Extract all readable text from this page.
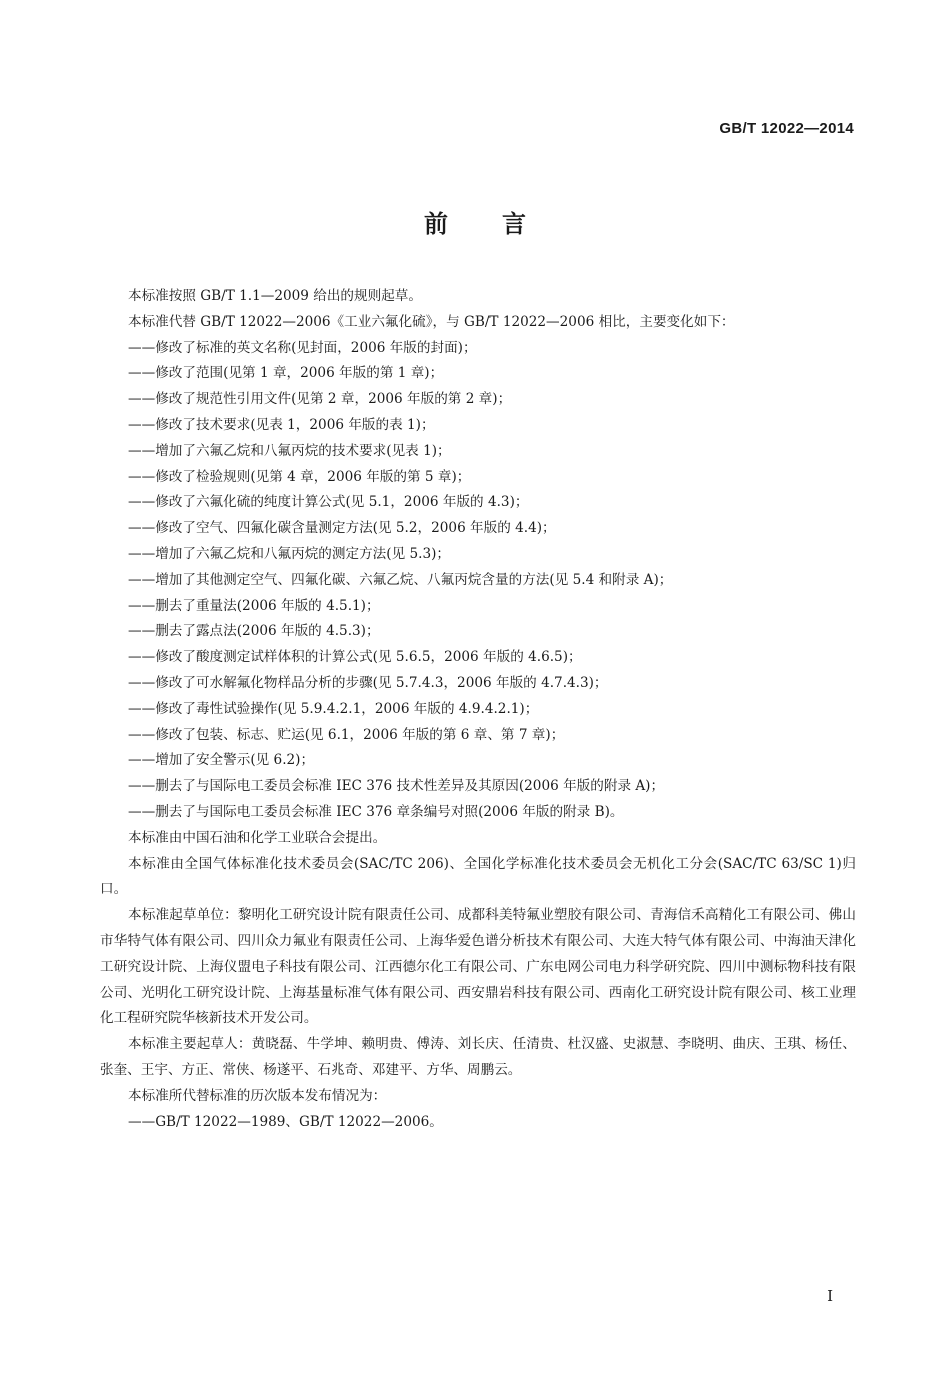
GB/T 12022—2014
前言

本标准按照 GB/T 1.1—2009 给出的规则起草。

本标准代替 GB/T 12022—2006《工业六氟化硫》，与 GB/T 12022—2006 相比，主要变化如下：

——修改了标准的英文名称(见封面，2006 年版的封面)；

——修改了范围(见第 1 章，2006 年版的第 1 章)；

——修改了规范性引用文件(见第 2 章，2006 年版的第 2 章)；

——修改了技术要求(见表 1，2006 年版的表 1)；

——增加了六氟乙烷和八氟丙烷的技术要求(见表 1)；

——修改了检验规则(见第 4 章，2006 年版的第 5 章)；

——修改了六氟化硫的纯度计算公式(见 5.1，2006 年版的 4.3)；

——修改了空气、四氟化碳含量测定方法(见 5.2，2006 年版的 4.4)；

——增加了六氟乙烷和八氟丙烷的测定方法(见 5.3)；

——增加了其他测定空气、四氟化碳、六氟乙烷、八氟丙烷含量的方法(见 5.4 和附录 A)；

——删去了重量法(2006 年版的 4.5.1)；

——删去了露点法(2006 年版的 4.5.3)；

——修改了酸度测定试样体积的计算公式(见 5.6.5，2006 年版的 4.6.5)；

——修改了可水解氟化物样品分析的步骤(见 5.7.4.3，2006 年版的 4.7.4.3)；

——修改了毒性试验操作(见 5.9.4.2.1，2006 年版的 4.9.4.2.1)；

——修改了包装、标志、贮运(见 6.1，2006 年版的第 6 章、第 7 章)；

——增加了安全警示(见 6.2)；

——删去了与国际电工委员会标准 IEC 376 技术性差异及其原因(2006 年版的附录 A)；

——删去了与国际电工委员会标准 IEC 376 章条编号对照(2006 年版的附录 B)。

本标准由中国石油和化学工业联合会提出。

本标准由全国气体标准化技术委员会(SAC/TC 206)、全国化学标准化技术委员会无机化工分会(SAC/TC 63/SC 1)归口。

本标准起草单位：黎明化工研究设计院有限责任公司、成都科美特氟业塑胶有限公司、青海信禾高精化工有限公司、佛山市华特气体有限公司、四川众力氟业有限责任公司、上海华爱色谱分析技术有限公司、大连大特气体有限公司、中海油天津化工研究设计院、上海仪盟电子科技有限公司、江西德尔化工有限公司、广东电网公司电力科学研究院、四川中测标物科技有限公司、光明化工研究设计院、上海基量标准气体有限公司、西安鼎岩科技有限公司、西南化工研究设计院有限公司、核工业理化工程研究院华核新技术开发公司。

本标准主要起草人：黄晓磊、牛学坤、赖明贵、傅涛、刘长庆、任清贵、杜汉盛、史淑慧、李晓明、曲庆、王琪、杨任、张奎、王宇、方正、常侠、杨遂平、石兆奇、邓建平、方华、周鹏云。

本标准所代替标准的历次版本发布情况为：

——GB/T 12022—1989、GB/T 12022—2006。

I
